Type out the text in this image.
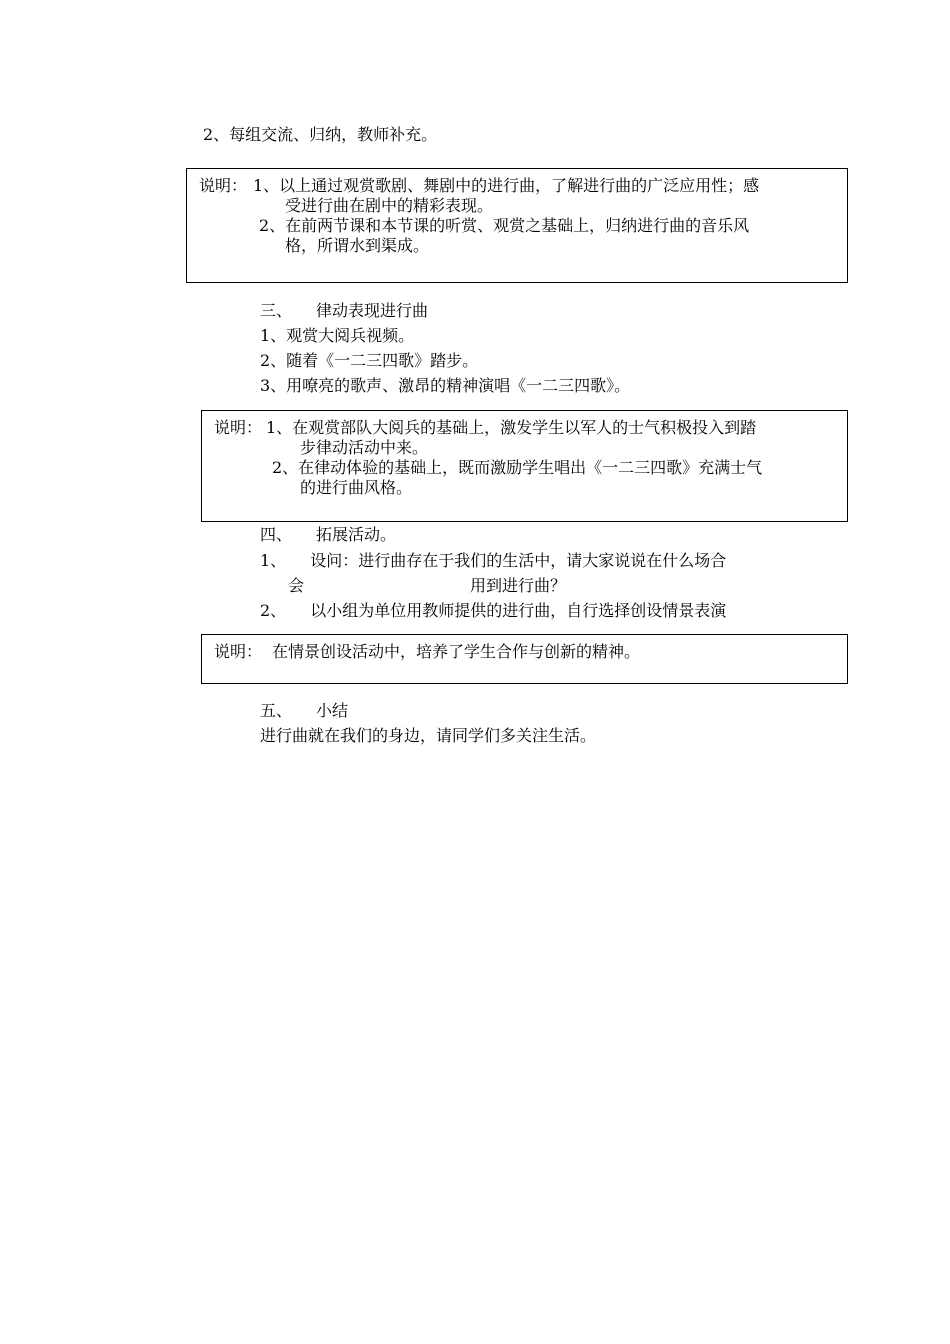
2、每组交流、归纳，教师补充。
说明： 1、以上通过观赏歌剧、舞剧中的进行曲，了解进行曲的广泛应用性；感
受进行曲在剧中的精彩表现。
2、在前两节课和本节课的听赏、观赏之基础上，归纳进行曲的音乐风
格，所谓水到渠成。
三、 律动表现进行曲
1、观赏大阅兵视频。
2、随着《一二三四歌》踏步。
3、用嘹亮的歌声、激昂的精神演唱《一二三四歌》。
说明： 1、在观赏部队大阅兵的基础上，激发学生以军人的士气积极投入到踏
步律动活动中来。
2、在律动体验的基础上，既而激励学生唱出《一二三四歌》充满士气
的进行曲风格。
四、 拓展活动。
1、 设问：进行曲存在于我们的生活中，请大家说说在什么场合
会	用到进行曲？
2、 以小组为单位用教师提供的进行曲，自行选择创设情景表演
说明： 在情景创设活动中，培养了学生合作与创新的精神。
五、 小结
进行曲就在我们的身边，请同学们多关注生活。
